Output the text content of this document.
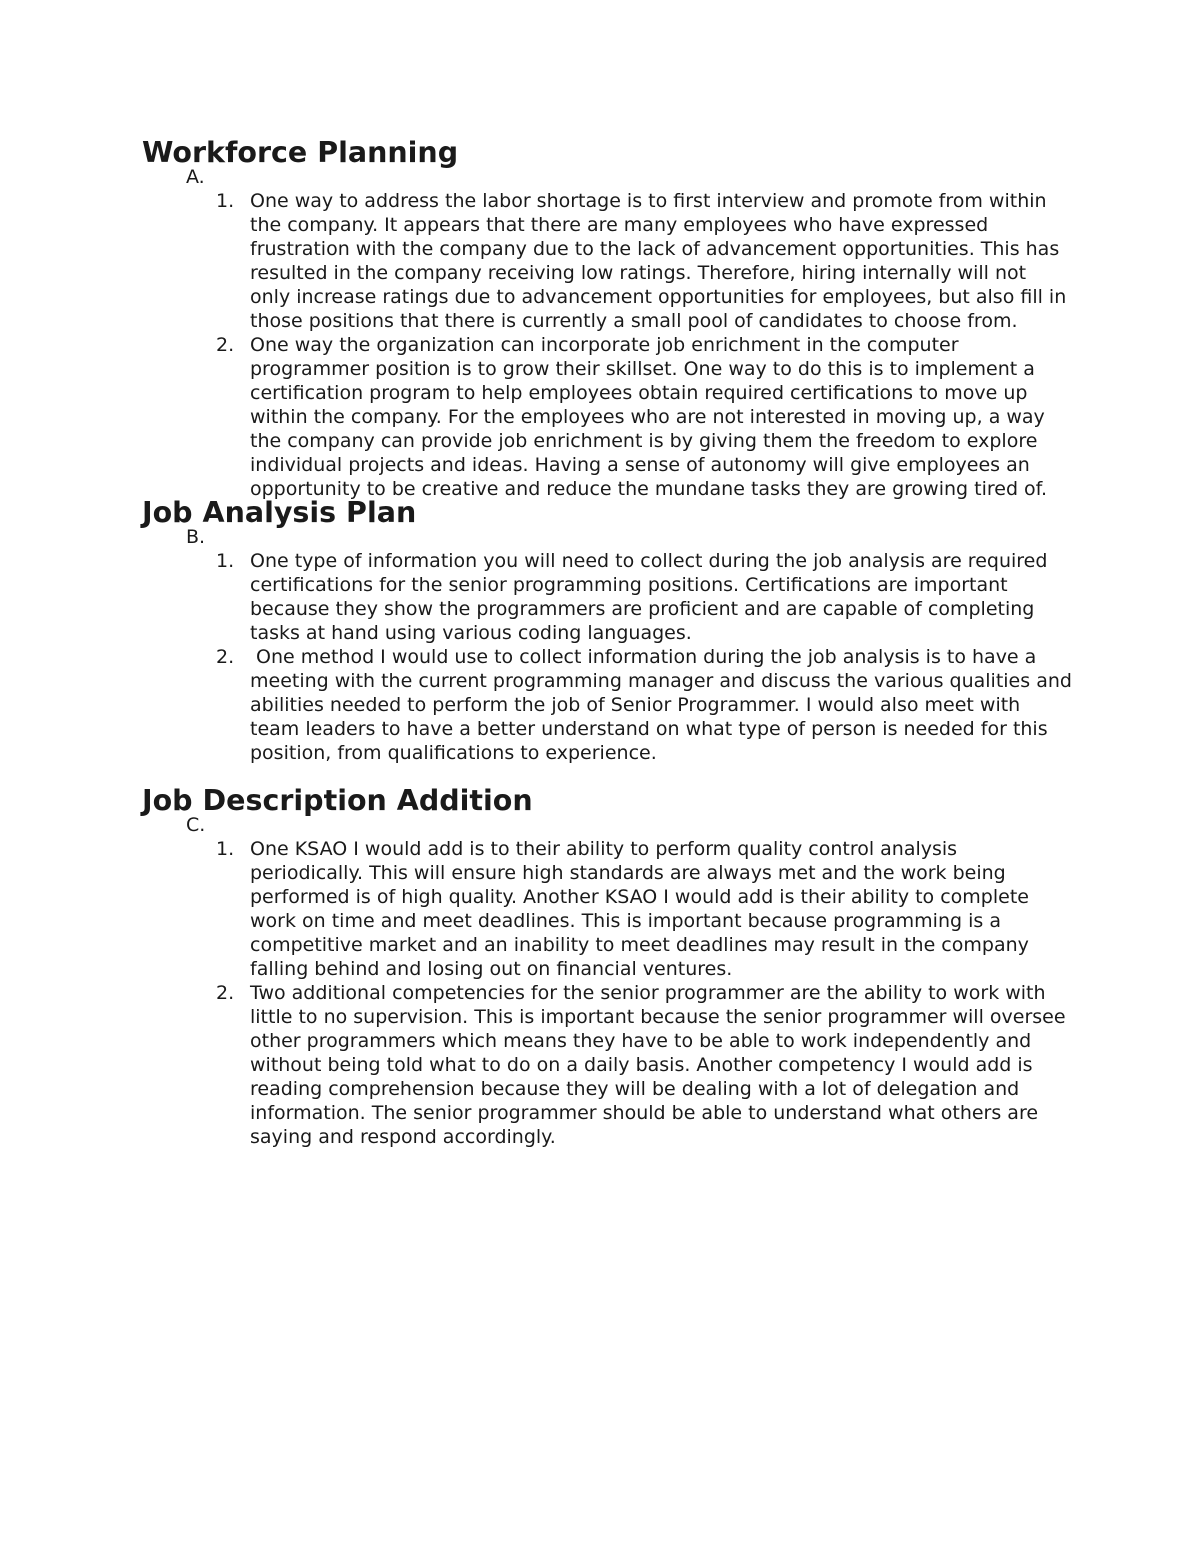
Workforce Planning
A.
1. One way to address the labor shortage is to first interview and promote from within the company. It appears that there are many employees who have expressed frustration with the company due to the lack of advancement opportunities. This has resulted in the company receiving low ratings. Therefore, hiring internally will not only increase ratings due to advancement opportunities for employees, but also fill in those positions that there is currently a small pool of candidates to choose from.
2. One way the organization can incorporate job enrichment in the computer programmer position is to grow their skillset. One way to do this is to implement a certification program to help employees obtain required certifications to move up within the company. For the employees who are not interested in moving up, a way the company can provide job enrichment is by giving them the freedom to explore individual projects and ideas. Having a sense of autonomy will give employees an opportunity to be creative and reduce the mundane tasks they are growing tired of.
Job Analysis Plan
B.
1. One type of information you will need to collect during the job analysis are required certifications for the senior programming positions. Certifications are important because they show the programmers are proficient and are capable of completing tasks at hand using various coding languages.
2. One method I would use to collect information during the job analysis is to have a meeting with the current programming manager and discuss the various qualities and abilities needed to perform the job of Senior Programmer. I would also meet with team leaders to have a better understand on what type of person is needed for this position, from qualifications to experience.
Job Description Addition
C.
1. One KSAO I would add is to their ability to perform quality control analysis periodically. This will ensure high standards are always met and the work being performed is of high quality. Another KSAO I would add is their ability to complete work on time and meet deadlines. This is important because programming is a competitive market and an inability to meet deadlines may result in the company falling behind and losing out on financial ventures.
2. Two additional competencies for the senior programmer are the ability to work with little to no supervision. This is important because the senior programmer will oversee other programmers which means they have to be able to work independently and without being told what to do on a daily basis. Another competency I would add is reading comprehension because they will be dealing with a lot of delegation and information. The senior programmer should be able to understand what others are saying and respond accordingly.
